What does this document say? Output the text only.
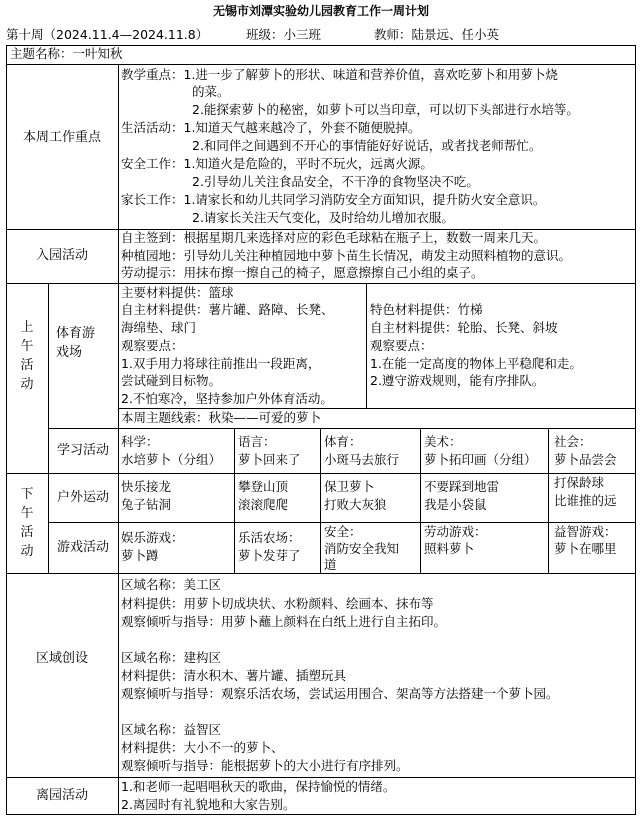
无锡市刘潭实验幼儿园教育工作一周计划
第十周（2024.11.4—2024.11.8）	班级：小三班	教师：陆景远、任小英
主题名称：一叶知秋
本周工作重点
教学重点：1.进一步了解萝卜的形状、味道和营养价值，喜欢吃萝卜和用萝卜烧
的菜。
2.能探索萝卜的秘密，如萝卜可以当印章，可以切下头部进行水培等。
生活活动：1.知道天气越来越冷了，外套不随便脱掉。
2.和同伴之间遇到不开心的事情能好好说话，或者找老师帮忙。
安全工作：1.知道火是危险的，平时不玩火，远离火源。
2.引导幼儿关注食品安全，不干净的食物坚决不吃。
家长工作：1.请家长和幼儿共同学习消防安全方面知识，提升防火安全意识。
2.请家长关注天气变化，及时给幼儿增加衣服。
入园活动
自主签到：根据星期几来选择对应的彩色毛球粘在瓶子上，数数一周来几天。
种植园地：引导幼儿关注种植园地中萝卜苗生长情况，萌发主动照料植物的意识。
劳动提示：用抹布擦一擦自己的椅子，愿意擦擦自己小组的桌子。
上午活动
体育游戏场
主要材料提供：篮球
自主材料提供：薯片罐、路障、长凳、
海绵垫、球门
观察要点：
1.双手用力将球往前推出一段距离，
尝试碰到目标物。
2.不怕寒冷，坚持参加户外体育活动。
特色材料提供：竹梯
自主材料提供：轮胎、长凳、斜坡
观察要点：
1.在能一定高度的物体上平稳爬和走。
2.遵守游戏规则，能有序排队。
本周主题线索：秋染——可爱的萝卜
学习活动
科学：
水培萝卜（分组）
语言：
萝卜回来了
体育：
小斑马去旅行
美术：
萝卜拓印画（分组）
社会：
萝卜品尝会
下午活动
户外运动
快乐接龙
兔子钻洞
攀登山顶
滚滚爬爬
保卫萝卜
打败大灰狼
不要踩到地雷
我是小袋鼠
打保龄球
比谁推的远
游戏活动
娱乐游戏：
萝卜蹲
乐活农场：
萝卜发芽了
安全：
消防安全我知
道
劳动游戏：
照料萝卜
益智游戏：
萝卜在哪里
区域创设
区域名称：美工区
材料提供：用萝卜切成块状、水粉颜料、绘画本、抹布等
观察倾听与指导：用萝卜蘸上颜料在白纸上进行自主拓印。
区域名称：建构区
材料提供：清水积木、薯片罐、插塑玩具
观察倾听与指导：观察乐活农场，尝试运用围合、架高等方法搭建一个萝卜园。
区域名称：益智区
材料提供：大小不一的萝卜、
观察倾听与指导：能根据萝卜的大小进行有序排列。
离园活动
1.和老师一起唱唱秋天的歌曲，保持愉悦的情绪。
2.离园时有礼貌地和大家告别。
